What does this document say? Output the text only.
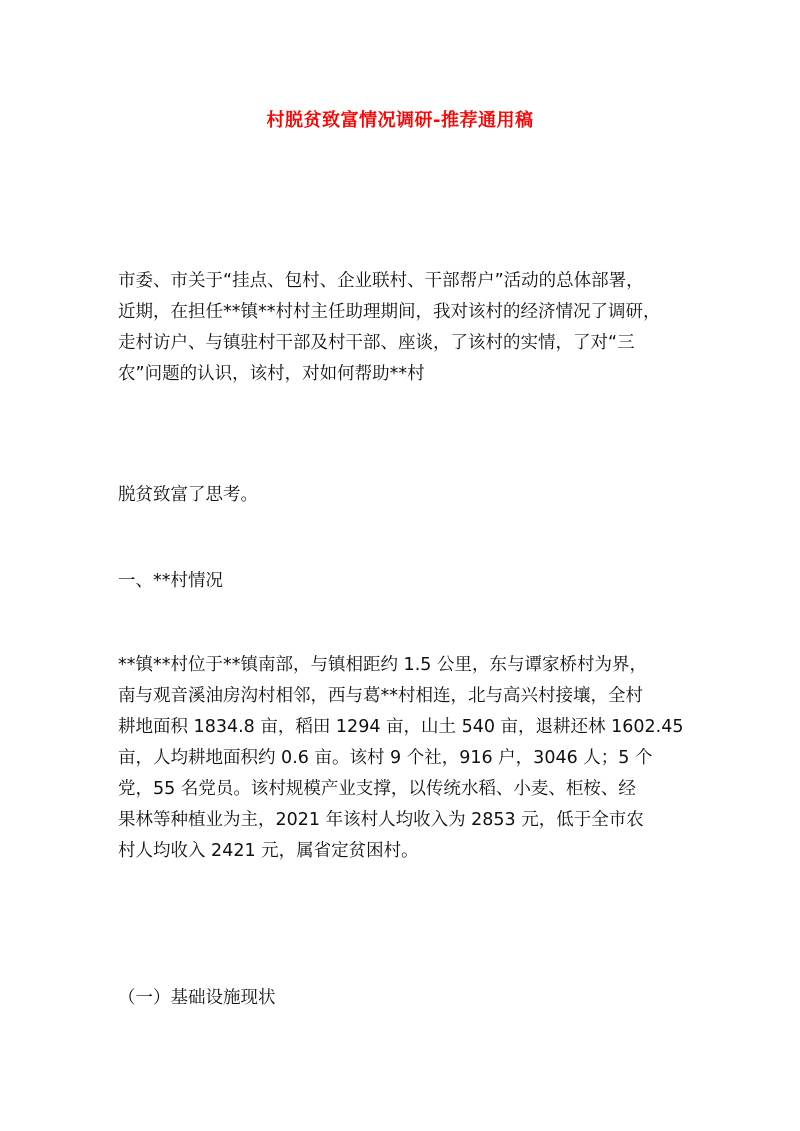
村脱贫致富情况调研-推荐通用稿
市委、市关于“挂点、包村、企业联村、干部帮户”活动的总体部署，
近期，在担任**镇**村村主任助理期间，我对该村的经济情况了调研，
走村访户、与镇驻村干部及村干部、座谈，了该村的实情，了对“三
农”问题的认识，该村，对如何帮助**村
脱贫致富了思考。
一、**村情况
**镇**村位于**镇南部，与镇相距约 1.5 公里，东与谭家桥村为界，
南与观音溪油房沟村相邻，西与葛**村相连，北与高兴村接壤，全村
耕地面积 1834.8 亩，稻田 1294 亩，山土 540 亩，退耕还林 1602.45
亩，人均耕地面积约 0.6 亩。该村 9 个社，916 户，3046 人；5 个
党，55 名党员。该村规模产业支撑，以传统水稻、小麦、柜桉、经
果林等种植业为主，2021 年该村人均收入为 2853 元，低于全市农
村人均收入 2421 元，属省定贫困村。
（一）基础设施现状
